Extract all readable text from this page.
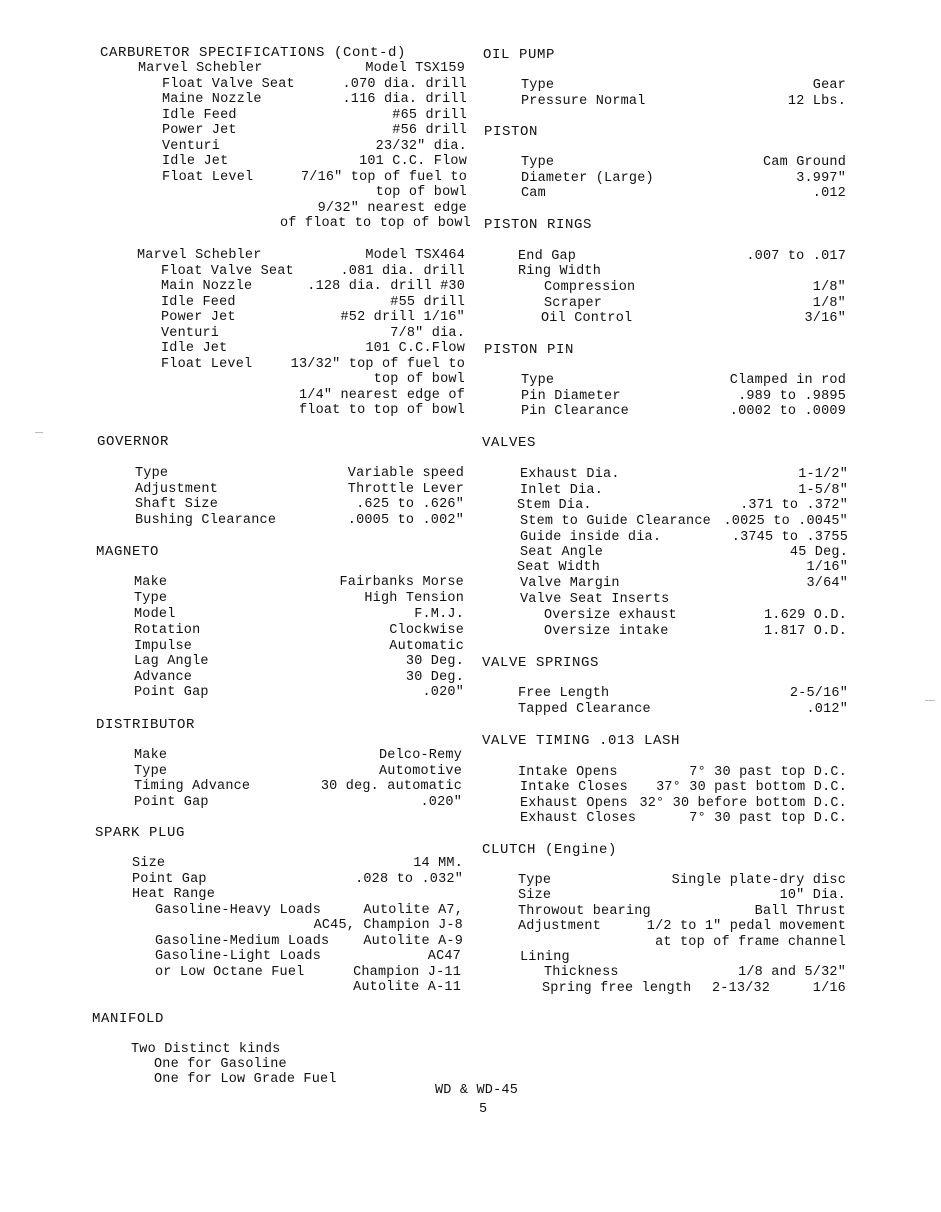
CARBURETOR SPECIFICATIONS (Cont-d)
Marvel Schebler	Model TSX159
Float Valve Seat	.070 dia. drill
Maine Nozzle	.116 dia. drill
Idle Feed	#65 drill
Power Jet	#56 drill
Venturi	23/32" dia.
Idle Jet	101 C.C. Flow
Float Level	7/16" top of fuel to
top of bowl
9/32" nearest edge
of float to top of bowl
Marvel Schebler	Model TSX464
Float Valve Seat	.081 dia. drill
Main Nozzle	.128 dia. drill #30
Idle Feed	#55 drill
Power Jet	#52 drill 1/16"
Venturi	7/8" dia.
Idle Jet	101 C.C.Flow
Float Level	13/32" top of fuel to
top of bowl
1/4" nearest edge of
float to top of bowl
GOVERNOR
Type	Variable speed
Adjustment	Throttle Lever
Shaft Size	.625 to .626"
Bushing Clearance	.0005 to .002"
MAGNETO
Make	Fairbanks Morse
Type	High Tension
Model	F.M.J.
Rotation	Clockwise
Impulse	Automatic
Lag Angle	30 Deg.
Advance	30 Deg.
Point Gap	.020"
DISTRIBUTOR
Make	Delco-Remy
Type	Automotive
Timing Advance	30 deg. automatic
Point Gap	.020"
SPARK PLUG
Size	14 MM.
Point Gap	.028 to .032"
Heat Range
Gasoline-Heavy Loads	Autolite A7,
AC45, Champion J-8
Gasoline-Medium Loads	Autolite A-9
Gasoline-Light Loads	AC47
or Low Octane Fuel	Champion J-11
Autolite A-11
MANIFOLD
Two Distinct kinds
One for Gasoline
One for Low Grade Fuel
OIL PUMP
Type	Gear
Pressure Normal	12 Lbs.
PISTON
Type	Cam Ground
Diameter (Large)	3.997"
Cam	.012
PISTON RINGS
End Gap	.007 to .017
Ring Width
Compression	1/8"
Scraper	1/8"
Oil Control	3/16"
PISTON PIN
Type	Clamped in rod
Pin Diameter	.989 to .9895
Pin Clearance	.0002 to .0009
VALVES
Exhaust Dia.	1-1/2"
Inlet Dia.	1-5/8"
Stem Dia.	.371 to .372"
Stem to Guide Clearance .0025 to .0045"
Guide inside dia.	.3745 to .3755
Seat Angle	45 Deg.
Seat Width	1/16"
Valve Margin	3/64"
Valve Seat Inserts
Oversize exhaust	1.629 O.D.
Oversize intake	1.817 O.D.
VALVE SPRINGS
Free Length	2-5/16"
Tapped Clearance	.012"
VALVE TIMING .013 LASH
Intake Opens	7° 30 past top D.C.
Intake Closes	37° 30 past bottom D.C.
Exhaust Opens 32° 30 before bottom D.C.
Exhaust Closes	7° 30 past top D.C.
CLUTCH (Engine)
Type	Single plate-dry disc
Size	10" Dia.
Throwout bearing	Ball Thrust
Adjustment	1/2 to 1" pedal movement
at top of frame channel
Lining
Thickness	1/8 and 5/32"
Spring free length 2-13/32	1/16
WD & WD-45
5
